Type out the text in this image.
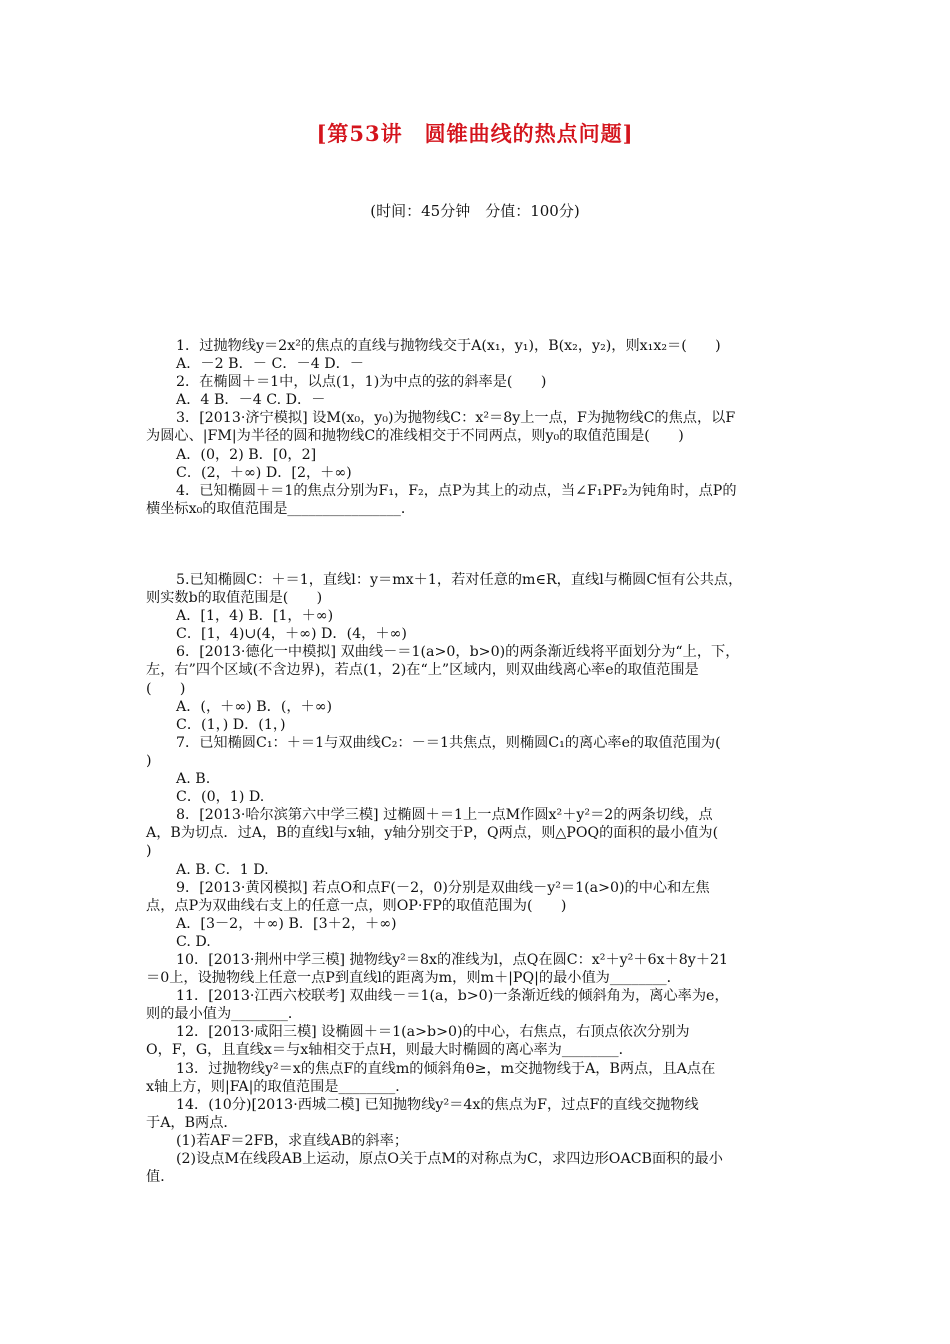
[第53讲　圆锥曲线的热点问题]
(时间：45分钟　分值：100分)
1．过抛物线y＝2x²的焦点的直线与抛物线交于A(x₁，y₁)，B(x₂，y₂)，则x₁x₂＝(　　)
A．－2 B．－ C．－4 D．－
2．在椭圆＋＝1中，以点(1，1)为中点的弦的斜率是(　　)
A．4 B．－4 C. D．－
3．[2013·济宁模拟] 设M(x₀，y₀)为抛物线C：x²＝8y上一点，F为抛物线C的焦点，以F
为圆心、|FM|为半径的圆和抛物线C的准线相交于不同两点，则y₀的取值范围是(　　)
A．(0，2) B．[0，2]
C．(2，＋∞) D．[2，＋∞)
4．已知椭圆＋＝1的焦点分别为F₁，F₂，点P为其上的动点，当∠F₁PF₂为钝角时，点P的
横坐标x₀的取值范围是________________．
5.已知椭圆C：＋＝1，直线l：y＝mx＋1，若对任意的m∈R，直线l与椭圆C恒有公共点，
则实数b的取值范围是(　　)
A．[1，4) B．[1，＋∞)
C．[1，4)∪(4，＋∞) D．(4，＋∞)
6．[2013·德化一中模拟] 双曲线－＝1(a>0，b>0)的两条渐近线将平面划分为“上，下，
左，右”四个区域(不含边界)，若点(1，2)在“上”区域内，则双曲线离心率e的取值范围是
(　　)
A．(，＋∞) B．(，＋∞)
C．(1，) D．(1，)
7．已知椭圆C₁：＋＝1与双曲线C₂：－＝1共焦点，则椭圆C₁的离心率e的取值范围为(
)
A. B.
C．(0，1) D.
8．[2013·哈尔滨第六中学三模] 过椭圆＋＝1上一点M作圆x²＋y²＝2的两条切线，点
A，B为切点．过A，B的直线l与x轴，y轴分别交于P，Q两点，则△POQ的面积的最小值为(
)
A. B. C．1 D.
9．[2013·黄冈模拟] 若点O和点F(－2，0)分别是双曲线－y²＝1(a>0)的中心和左焦
点，点P为双曲线右支上的任意一点，则OP·FP的取值范围为(　　)
A．[3－2，＋∞) B．[3＋2，＋∞)
C. D.
10．[2013·荆州中学三模] 抛物线y²＝8x的准线为l，点Q在圆C：x²＋y²＋6x＋8y＋21
＝0上，设抛物线上任意一点P到直线l的距离为m，则m＋|PQ|的最小值为________．
11．[2013·江西六校联考] 双曲线－＝1(a，b>0)一条渐近线的倾斜角为，离心率为e，
则的最小值为________．
12．[2013·咸阳三模] 设椭圆＋＝1(a>b>0)的中心，右焦点，右顶点依次分别为
O，F，G，且直线x＝与x轴相交于点H，则最大时椭圆的离心率为________．
13．过抛物线y²＝x的焦点F的直线m的倾斜角θ≥，m交抛物线于A，B两点，且A点在
x轴上方，则|FA|的取值范围是________．
14．(10分)[2013·西城二模] 已知抛物线y²＝4x的焦点为F，过点F的直线交抛物线
于A，B两点．
(1)若AF＝2FB，求直线AB的斜率；
(2)设点M在线段AB上运动，原点O关于点M的对称点为C，求四边形OACB面积的最小
值．
